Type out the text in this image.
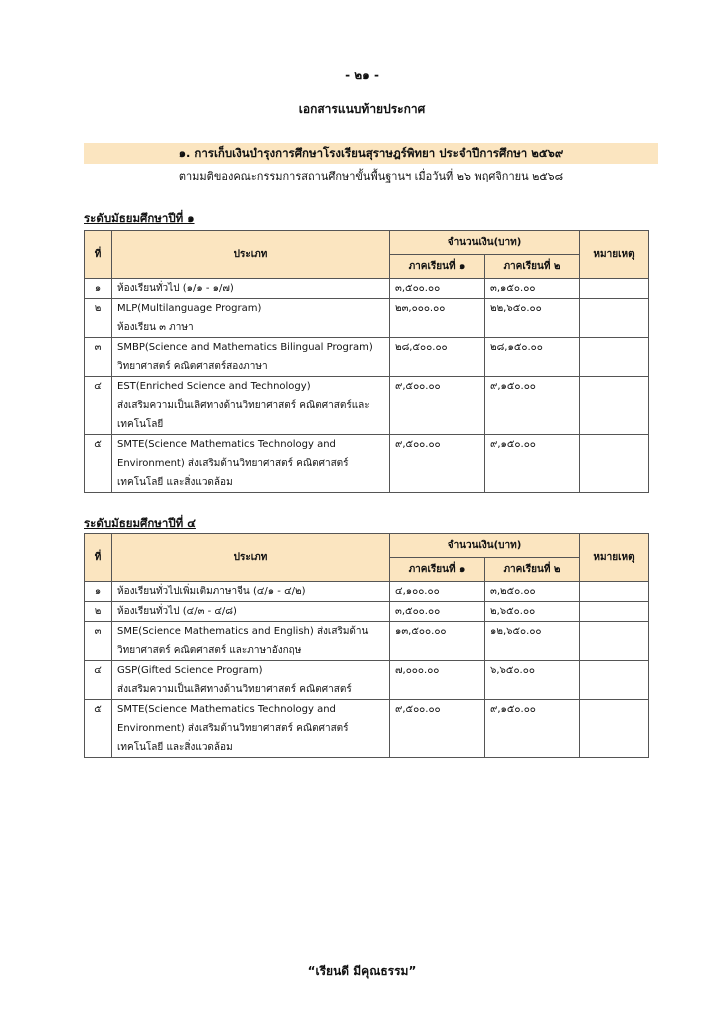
- ๒๑ -
เอกสารแนบท้ายประกาศ
๑. การเก็บเงินบำรุงการศึกษาโรงเรียนสุราษฎร์พิทยา ประจำปีการศึกษา ๒๕๖๙
ตามมติของคณะกรรมการสถานศึกษาขั้นพื้นฐานฯ เมื่อวันที่ ๒๖ พฤศจิกายน ๒๕๖๘
ระดับมัธยมศึกษาปีที่ ๑
ที่	ประเภท	จำนวนเงิน(บาท)		หมายเหตุ
		ภาคเรียนที่ ๑	ภาคเรียนที่ ๒	
๑	ห้องเรียนทั่วไป (๑/๑ - ๑/๗)	๓,๕๐๐.๐๐	๓,๑๕๐.๐๐	
๒	MLP(Multilanguage Program)
ห้องเรียน ๓ ภาษา	๒๓,๐๐๐.๐๐	๒๒,๖๕๐.๐๐	
๓	SMBP(Science and Mathematics Bilingual Program)
วิทยาศาสตร์ คณิตศาสตร์สองภาษา	๒๘,๕๐๐.๐๐	๒๘,๑๕๐.๐๐	
๔	EST(Enriched Science and Technology)
ส่งเสริมความเป็นเลิศทางด้านวิทยาศาสตร์ คณิตศาสตร์และ
เทคโนโลยี	๙,๕๐๐.๐๐	๙,๑๕๐.๐๐	
๕	SMTE(Science Mathematics Technology and
Environment) ส่งเสริมด้านวิทยาศาสตร์ คณิตศาสตร์
เทคโนโลยี และสิ่งแวดล้อม	๙,๕๐๐.๐๐	๙,๑๕๐.๐๐	
ระดับมัธยมศึกษาปีที่ ๔
ที่	ประเภท	จำนวนเงิน(บาท)		หมายเหตุ
		ภาคเรียนที่ ๑	ภาคเรียนที่ ๒	
๑	ห้องเรียนทั่วไปเพิ่มเติมภาษาจีน (๔/๑ - ๔/๒)	๔,๑๐๐.๐๐	๓,๒๕๐.๐๐	
๒	ห้องเรียนทั่วไป (๔/๓ - ๔/๘)	๓,๕๐๐.๐๐	๒,๖๕๐.๐๐	
๓	SME(Science Mathematics and English) ส่งเสริมด้าน
วิทยาศาสตร์ คณิตศาสตร์ และภาษาอังกฤษ	๑๓,๕๐๐.๐๐	๑๒,๖๕๐.๐๐	
๔	GSP(Gifted Science Program)
ส่งเสริมความเป็นเลิศทางด้านวิทยาศาสตร์ คณิตศาสตร์	๗,๐๐๐.๐๐	๖,๖๕๐.๐๐	
๕	SMTE(Science Mathematics Technology and
Environment) ส่งเสริมด้านวิทยาศาสตร์ คณิตศาสตร์
เทคโนโลยี และสิ่งแวดล้อม	๙,๕๐๐.๐๐	๙,๑๕๐.๐๐	
“เรียนดี มีคุณธรรม”
